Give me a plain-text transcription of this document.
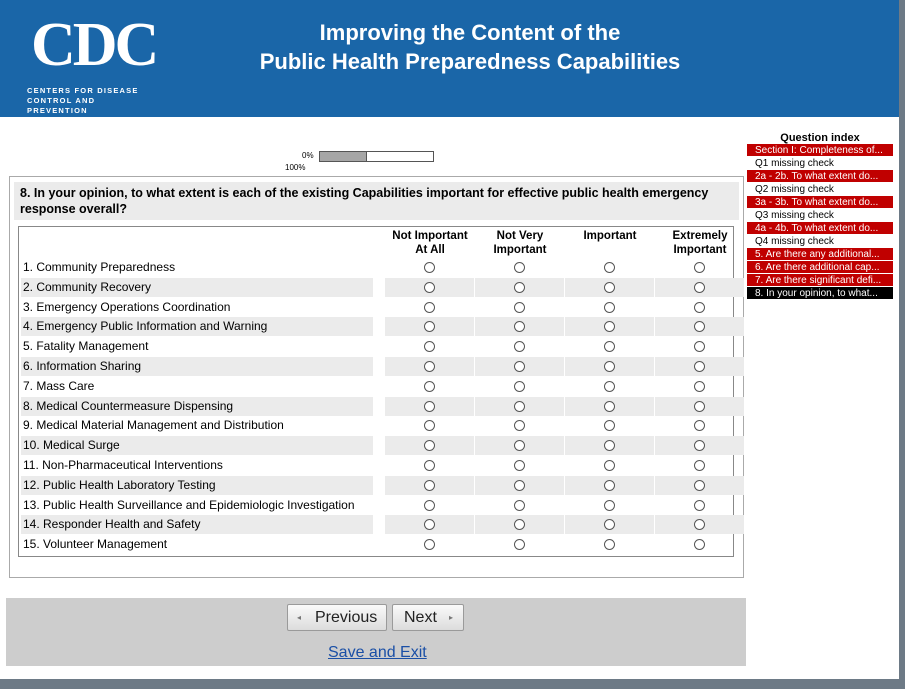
CDC
CENTERS FOR DISEASE
CONTROL AND PREVENTION
Improving the Content of the
Public Health Preparedness Capabilities
0%
100%
8. In your opinion, to what extent is each of the existing Capabilities important for effective public health emergency response overall?
Not Important At All
Not Very Important
Important	Extremely Important
1. Community Preparedness
2. Community Recovery
3. Emergency Operations Coordination
4. Emergency Public Information and Warning
5. Fatality Management
6. Information Sharing
7. Mass Care
8. Medical Countermeasure Dispensing
9. Medical Material Management and Distribution
10. Medical Surge
11. Non-Pharmaceutical Interventions
12. Public Health Laboratory Testing
13. Public Health Surveillance and Epidemiologic Investigation
14. Responder Health and Safety
15. Volunteer Management
◂ Previous Next ▸
Save and Exit
Question index
Section I: Completeness of...
Q1 missing check
2a - 2b. To what extent do...
Q2 missing check
3a - 3b. To what extent do...
Q3 missing check
4a - 4b. To what extent do...
Q4 missing check
5. Are there any additional...
6. Are there additional cap...
7. Are there significant defi...
8. In your opinion, to what...
